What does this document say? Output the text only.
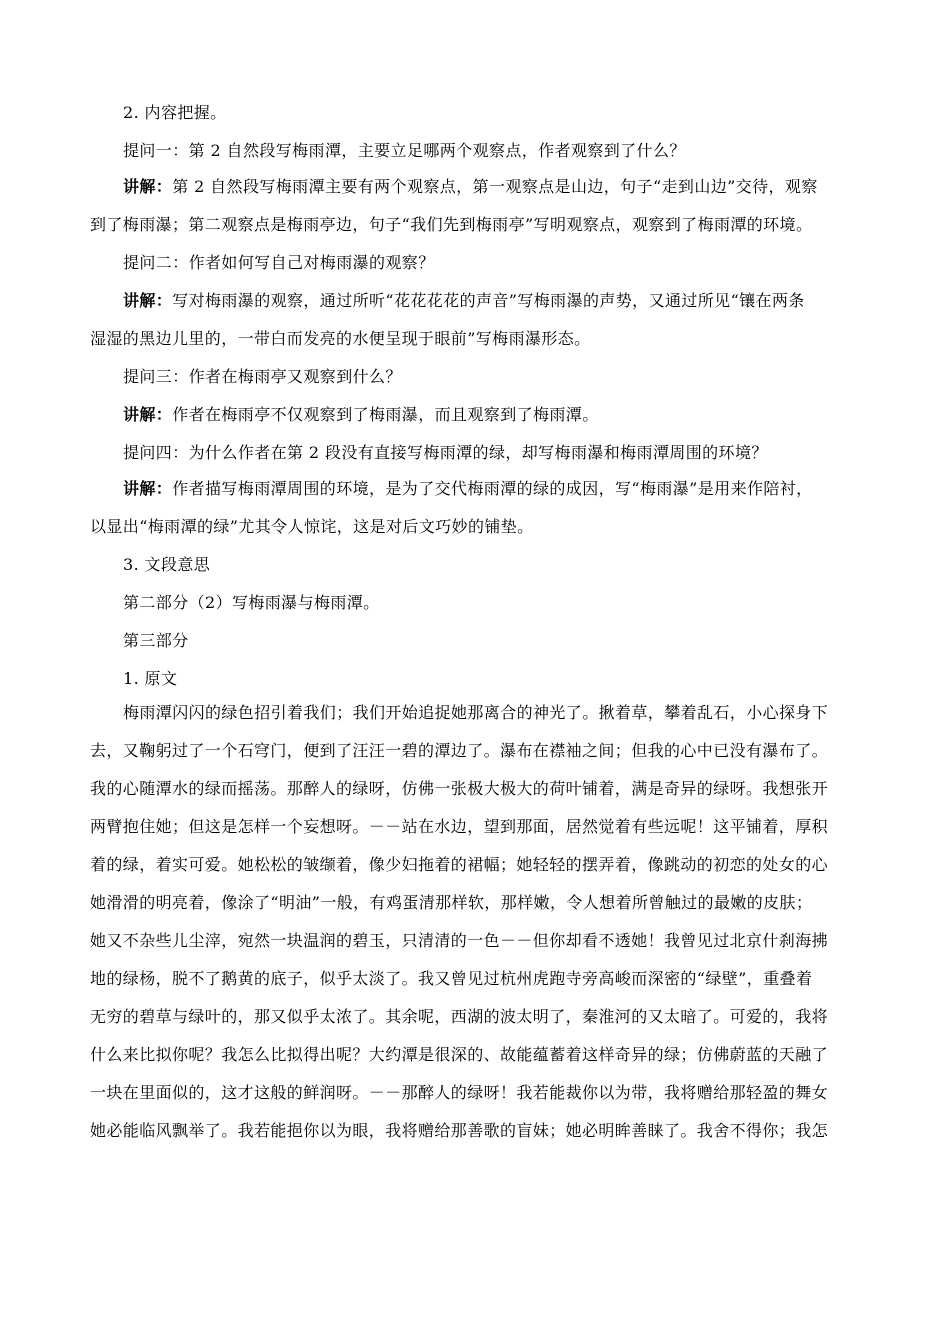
2. 内容把握。
提问一：第 2 自然段写梅雨潭，主要立足哪两个观察点，作者观察到了什么？
讲解：第 2 自然段写梅雨潭主要有两个观察点，第一观察点是山边，句子“走到山边”交待，观察
到了梅雨瀑；第二观察点是梅雨亭边，句子“我们先到梅雨亭”写明观察点，观察到了梅雨潭的环境。
提问二：作者如何写自己对梅雨瀑的观察？
讲解：写对梅雨瀑的观察，通过所听“花花花花的声音”写梅雨瀑的声势，又通过所见“镶在两条
湿湿的黑边儿里的，一带白而发亮的水便呈现于眼前”写梅雨瀑形态。
提问三：作者在梅雨亭又观察到什么？
讲解：作者在梅雨亭不仅观察到了梅雨瀑，而且观察到了梅雨潭。
提问四：为什么作者在第 2 段没有直接写梅雨潭的绿，却写梅雨瀑和梅雨潭周围的环境？
讲解：作者描写梅雨潭周围的环境，是为了交代梅雨潭的绿的成因，写“梅雨瀑”是用来作陪衬，
以显出“梅雨潭的绿”尤其令人惊诧，这是对后文巧妙的铺垫。
3. 文段意思
第二部分（2）写梅雨瀑与梅雨潭。
第三部分
1. 原文
梅雨潭闪闪的绿色招引着我们；我们开始追捉她那离合的神光了。揪着草，攀着乱石，小心探身下
去，又鞠躬过了一个石穹门，便到了汪汪一碧的潭边了。瀑布在襟袖之间；但我的心中已没有瀑布了。
我的心随潭水的绿而摇荡。那醉人的绿呀，仿佛一张极大极大的荷叶铺着，满是奇异的绿呀。我想张开
两臂抱住她；但这是怎样一个妄想呀。－－站在水边，望到那面，居然觉着有些远呢！这平铺着，厚积
着的绿，着实可爱。她松松的皱缬着，像少妇拖着的裙幅；她轻轻的摆弄着，像跳动的初恋的处女的心
她滑滑的明亮着，像涂了“明油”一般，有鸡蛋清那样软，那样嫩，令人想着所曾触过的最嫩的皮肤；
她又不杂些儿尘滓，宛然一块温润的碧玉，只清清的一色－－但你却看不透她！我曾见过北京什刹海拂
地的绿杨，脱不了鹅黄的底子，似乎太淡了。我又曾见过杭州虎跑寺旁高峻而深密的“绿壁”，重叠着
无穷的碧草与绿叶的，那又似乎太浓了。其余呢，西湖的波太明了，秦淮河的又太暗了。可爱的，我将
什么来比拟你呢？我怎么比拟得出呢？大约潭是很深的、故能蕴蓄着这样奇异的绿；仿佛蔚蓝的天融了
一块在里面似的，这才这般的鲜润呀。－－那醉人的绿呀！我若能裁你以为带，我将赠给那轻盈的舞女
她必能临风飘举了。我若能挹你以为眼，我将赠给那善歌的盲妹；她必明眸善睐了。我舍不得你；我怎
